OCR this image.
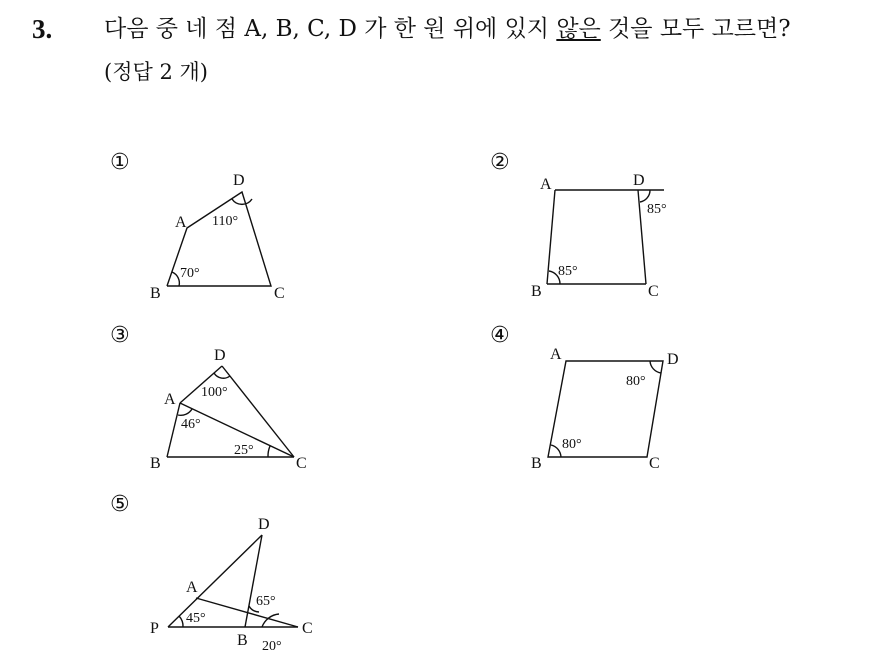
3. 다음 중 네 점 A, B, C, D 가 한 원 위에 있지 않은 것을 모두 고르면?
(정답 2 개)
①	②
③	④
⑤
D
A
B	C
110°
70°
A	D
B	C
85°
85°
D
A
B	C
100°
46°
25°
A	D
B	C
80°
80°
D
A
P
B
C
45°
65°
20°
